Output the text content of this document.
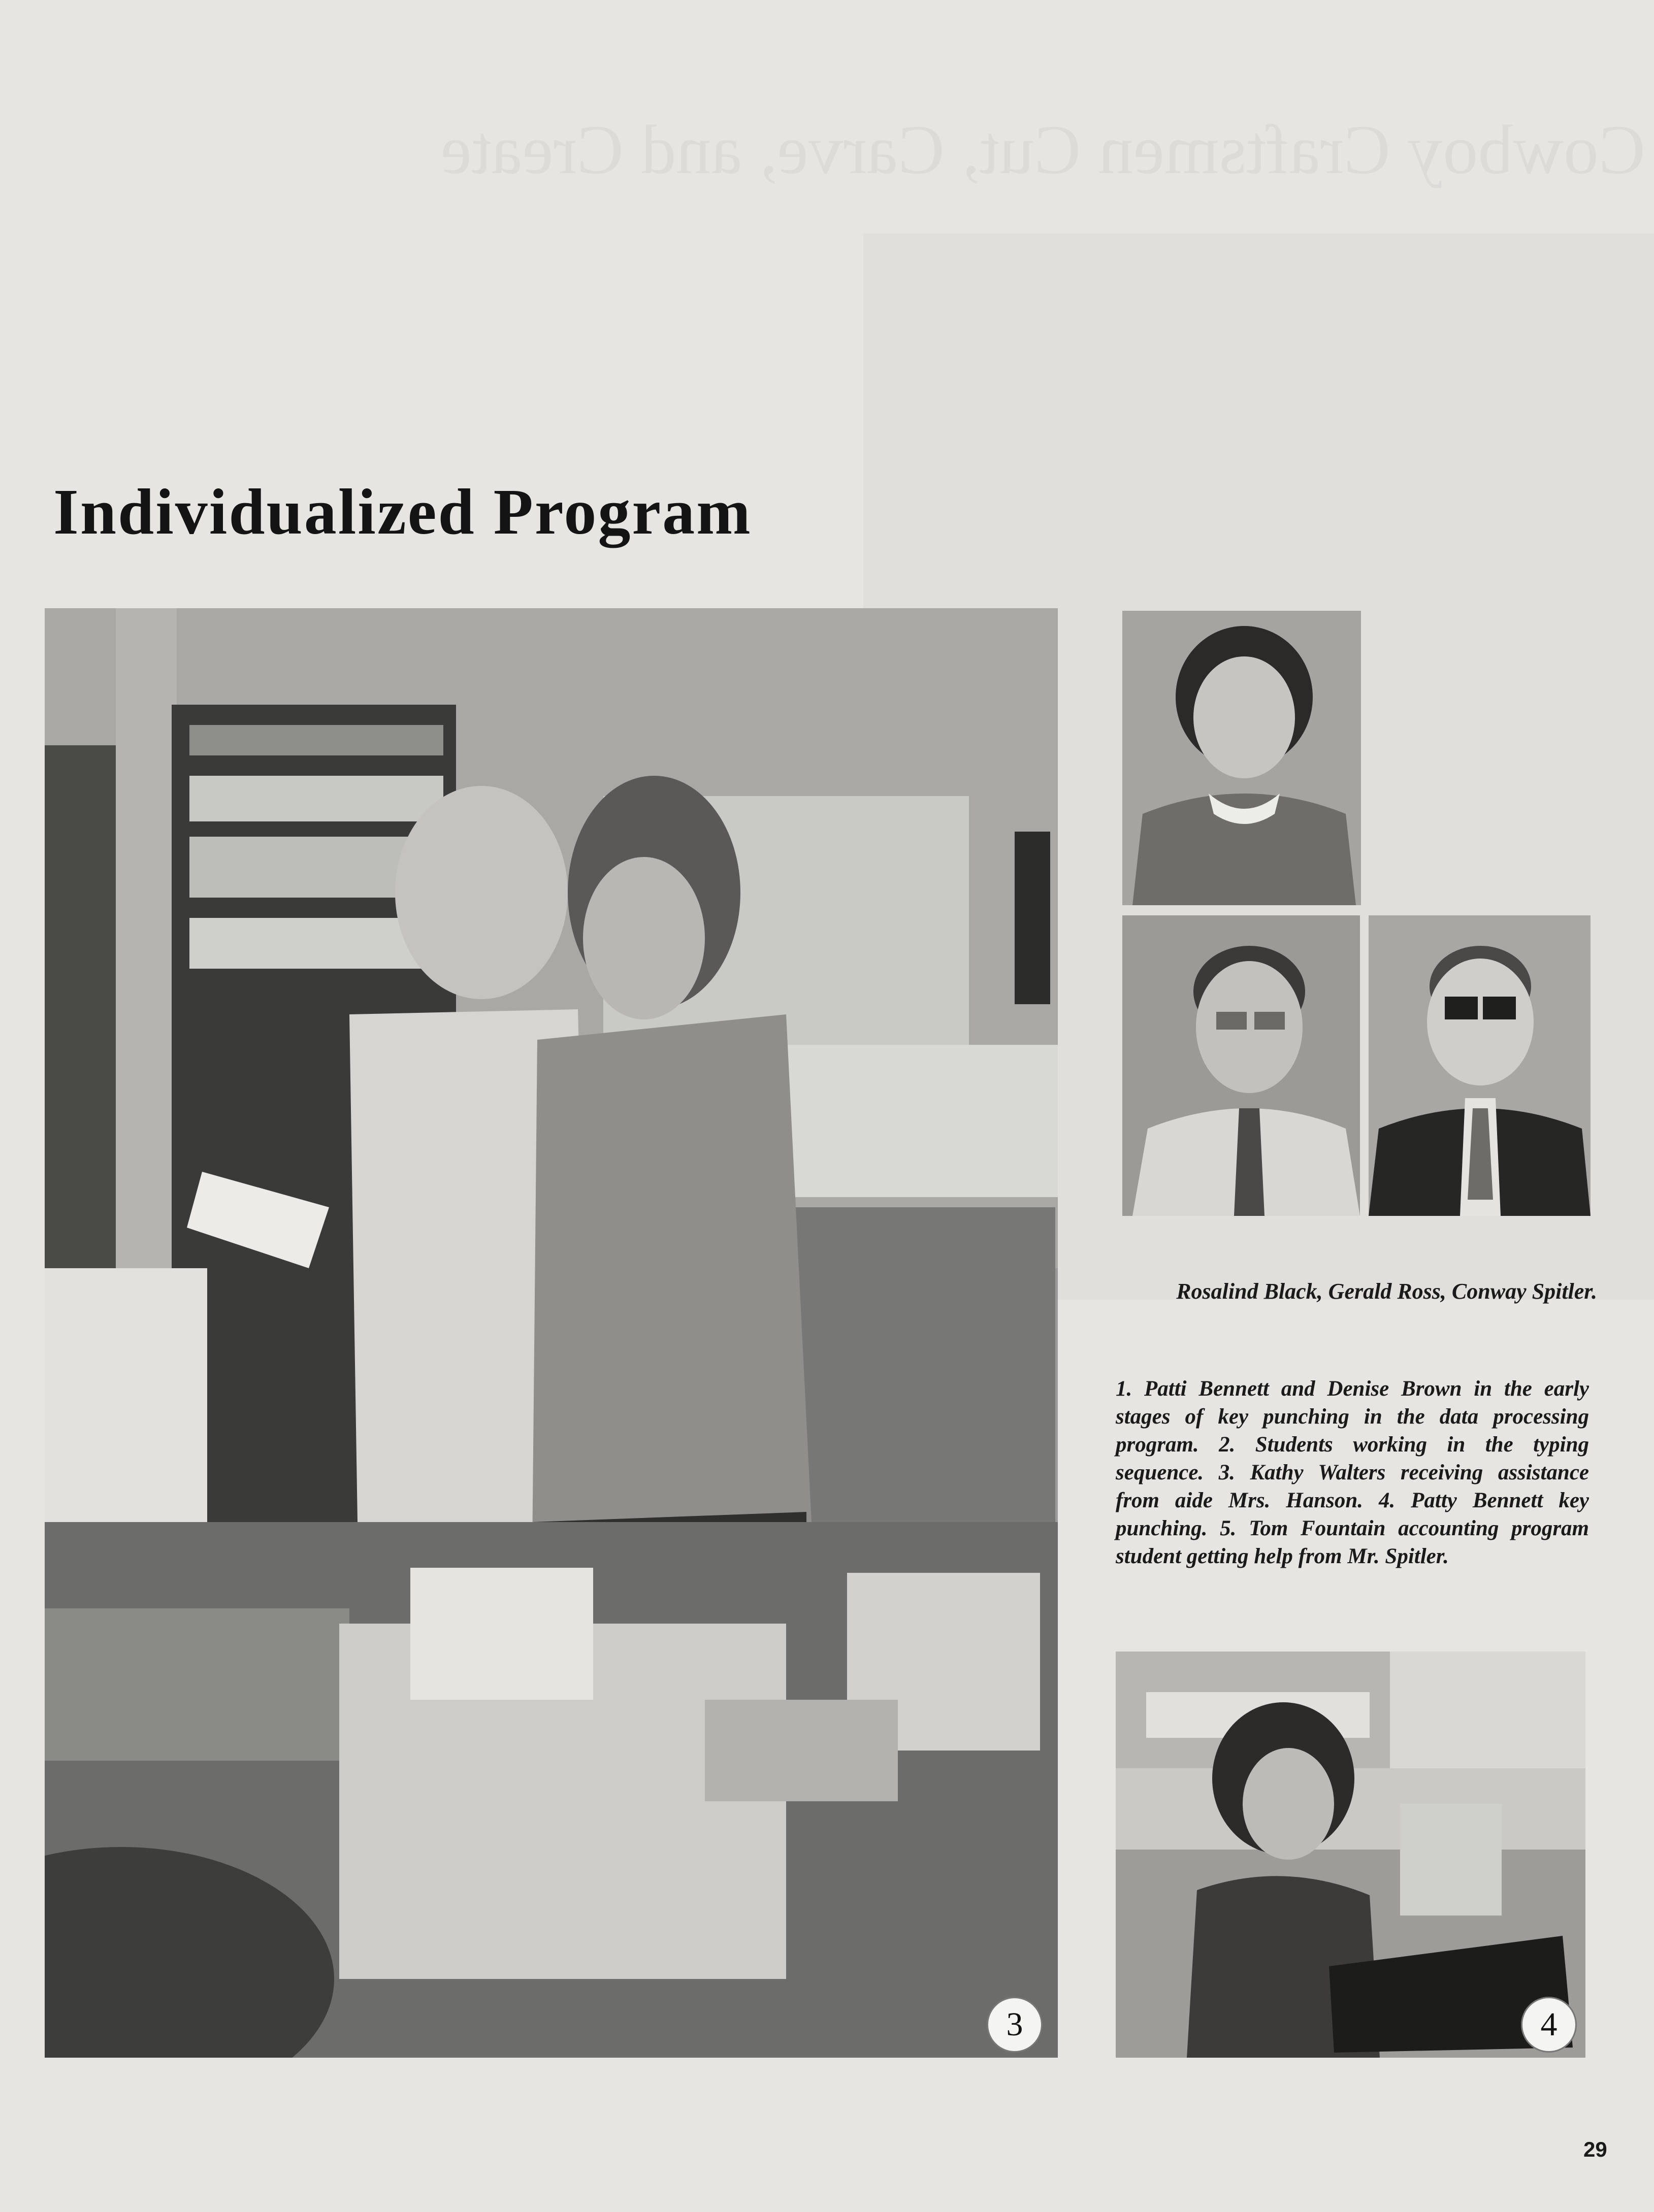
Cowboy Craftsmen Cut, Carve, and Create
Individualized Program
3
Rosalind Black, Gerald Ross, Conway Spitler.

1. Patti Bennett and Denise Brown in the early stages of key punching in the data processing program. 2. Students working in the typing sequence. 3. Kathy Walters receiving assistance from aide Mrs. Hanson. 4. Patty Bennett key punching. 5. Tom Fountain accounting program student getting help from Mr. Spitler.

4
29
